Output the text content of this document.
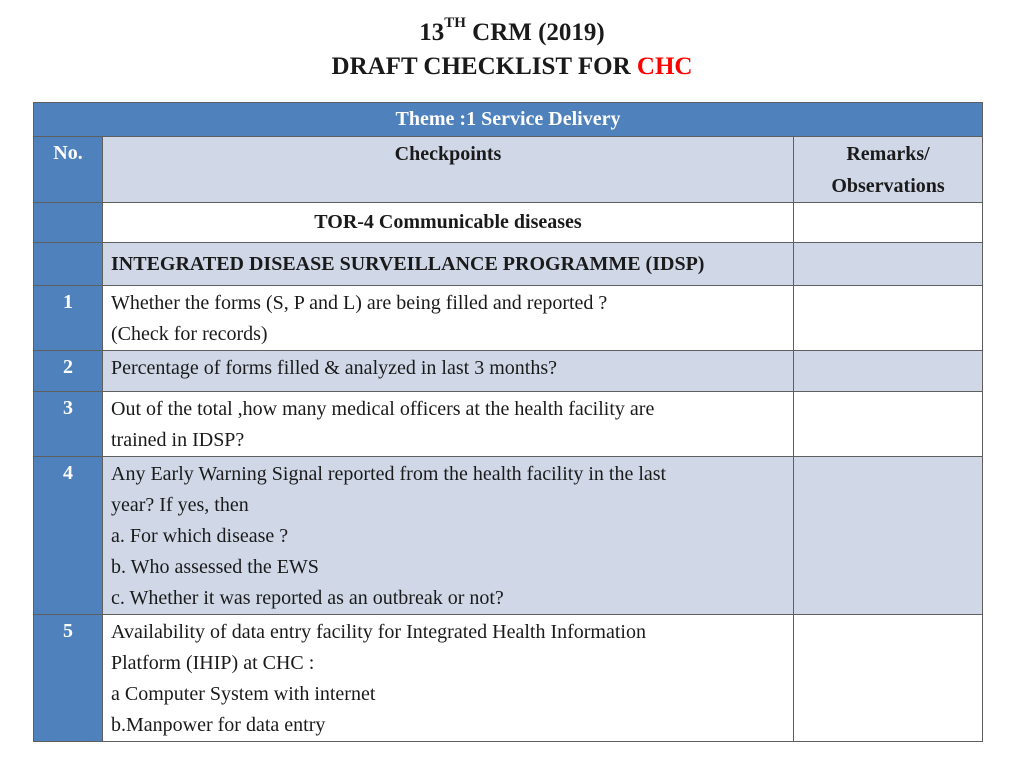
13TH CRM (2019)
DRAFT CHECKLIST FOR CHC
Theme :1 Service Delivery		

No.	Checkpoints	Remarks/
Observations

	TOR-4 Communicable diseases	
	INTEGRATED DISEASE SURVEILLANCE PROGRAMME (IDSP)	

1	Whether the forms (S, P and L) are being filled and reported ?
(Check for records)	

2	Percentage of forms filled & analyzed in last 3 months?	

3	Out of the total ,how many medical officers at the health facility are
trained in IDSP?	

4	Any Early Warning Signal reported from the health facility in the last
year? If yes, then
a. For which disease ?
b. Who assessed the EWS
c. Whether it was reported as an outbreak or not?	

5	Availability of data entry facility for Integrated Health Information
Platform (IHIP) at CHC :
a Computer System with internet
b.Manpower for data entry	
